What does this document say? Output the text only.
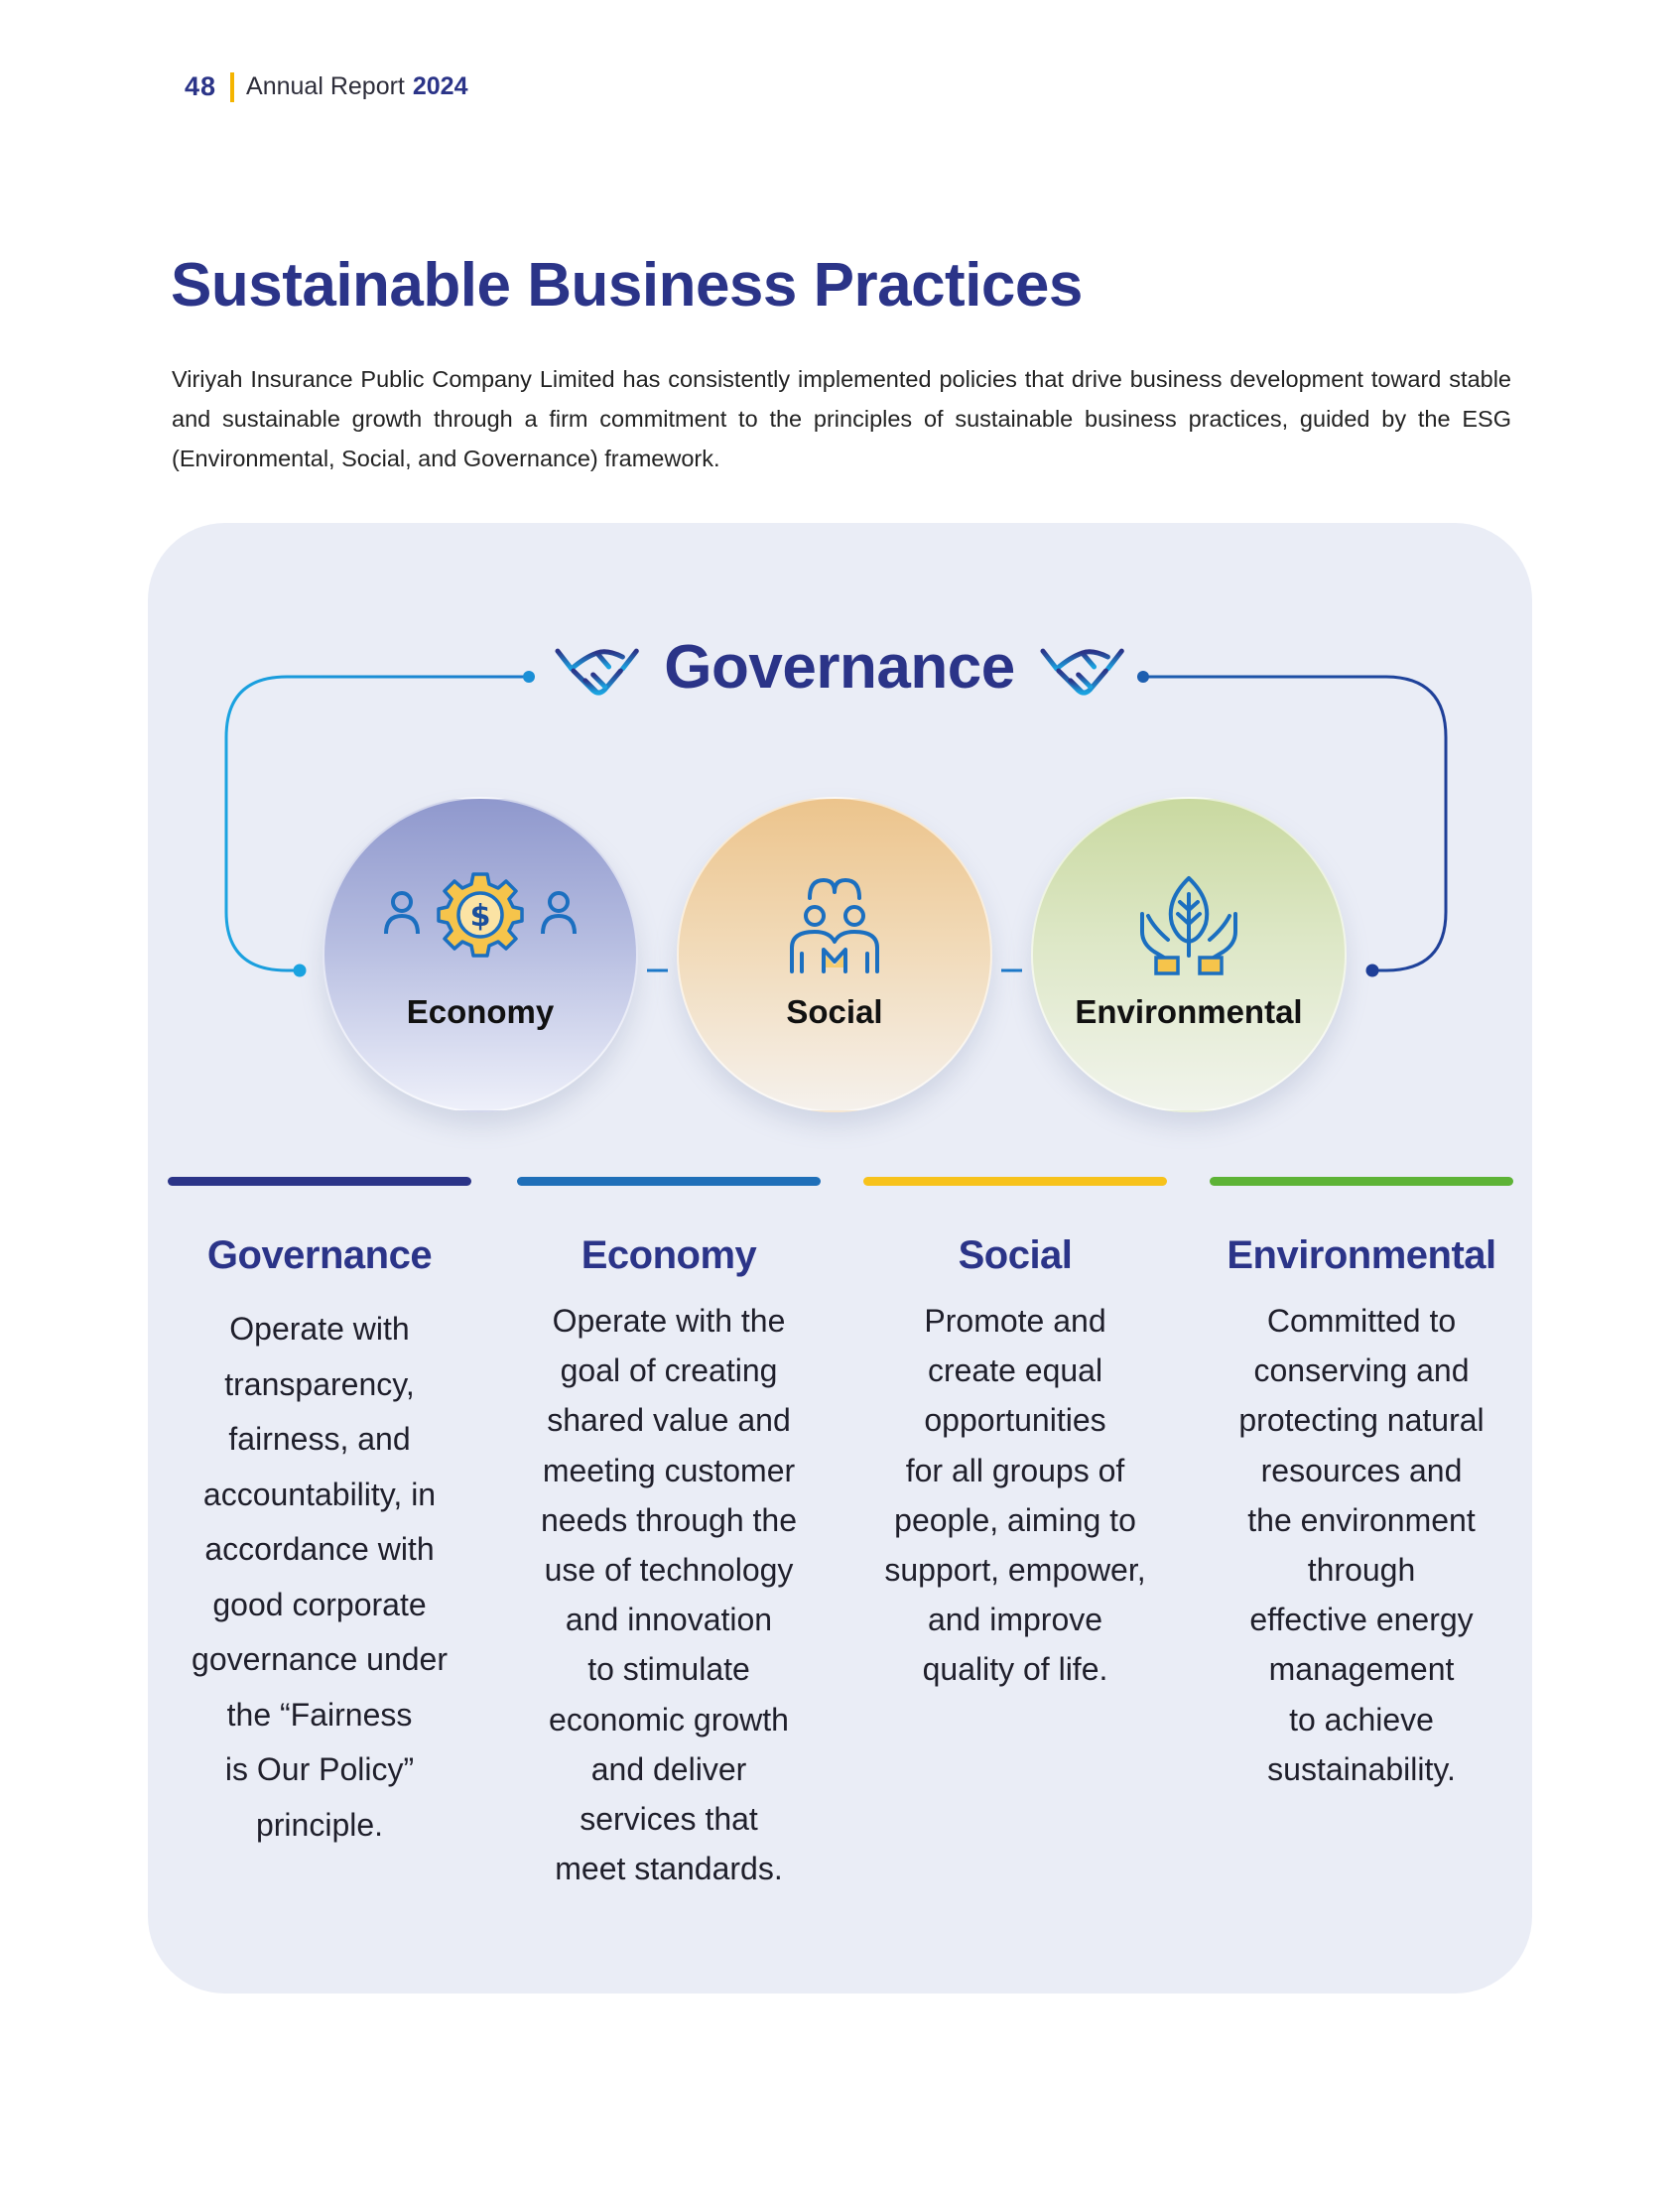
48 Annual Report 2024
Sustainable Business Practices
Viriyah Insurance Public Company Limited has consistently implemented policies that drive business development toward stable and sustainable growth through a firm commitment to the principles of sustainable business practices, guided by the ESG (Environmental, Social, and Governance) framework.
Governance
$
Economy	Social	Environmental
Governance
Operate with
transparency,
fairness, and
accountability, in
accordance with
good corporate
governance under
the “Fairness
is Our Policy”
principle.
Economy
Operate with the
goal of creating
shared value and
meeting customer
needs through the
use of technology
and innovation
to stimulate
economic growth
and deliver
services that
meet standards.
Social
Promote and
create equal
opportunities
for all groups of
people, aiming to
support, empower,
and improve
quality of life.
Environmental
Committed to
conserving and
protecting natural
resources and
the environment
through
effective energy
management
to achieve
sustainability.
